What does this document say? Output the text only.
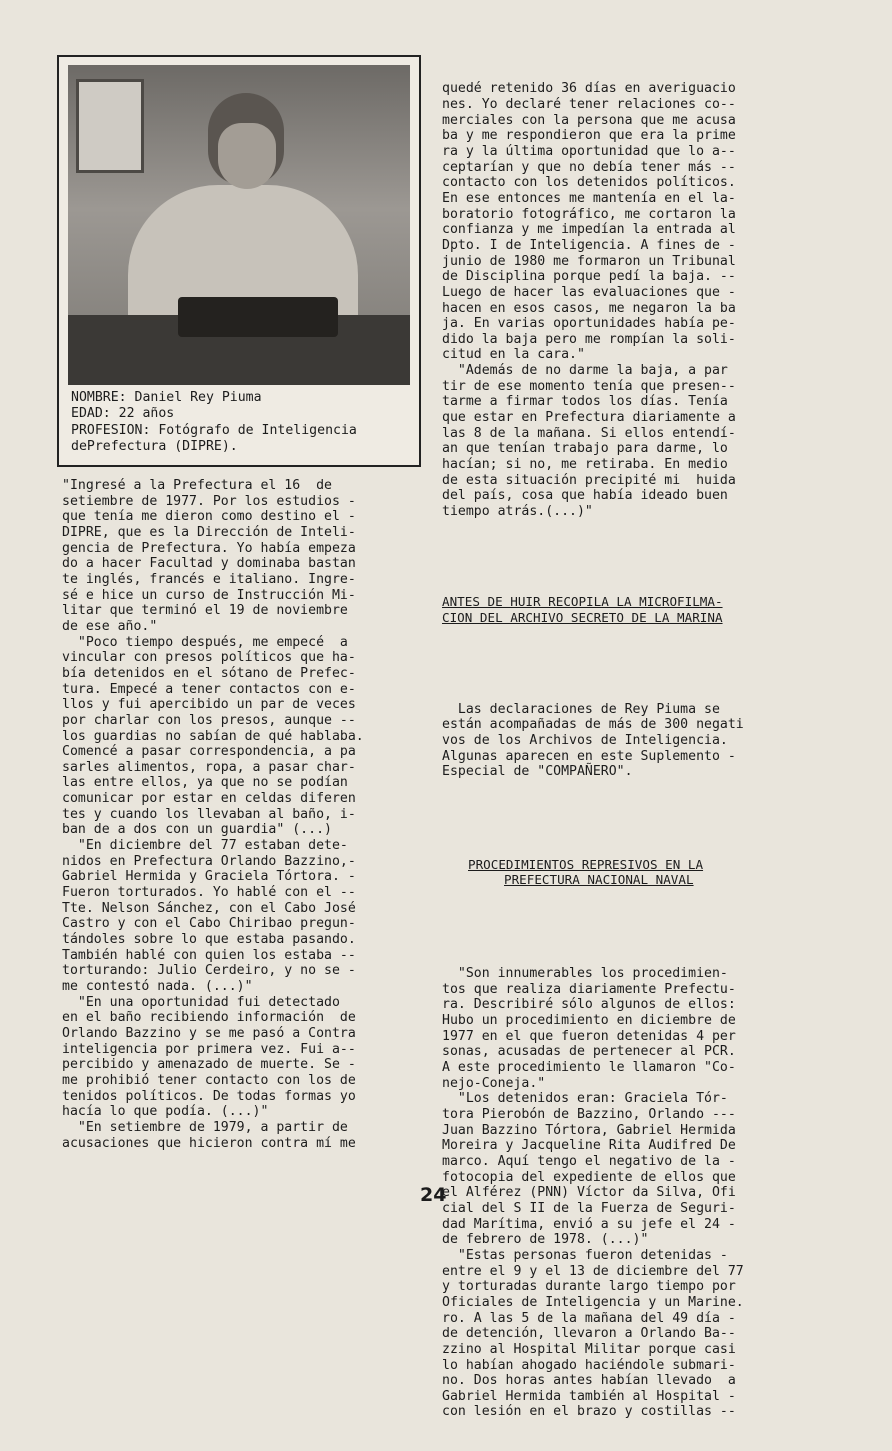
NOMBRE: Daniel Rey Piuma
EDAD: 22 años
PROFESION: Fotógrafo de Inteligencia
dePrefectura (DIPRE).
"Ingresé a la Prefectura el 16  de
setiembre de 1977. Por los estudios -
que tenía me dieron como destino el -
DIPRE, que es la Dirección de Inteli-
gencia de Prefectura. Yo había empeza
do a hacer Facultad y dominaba bastan
te inglés, francés e italiano. Ingre-
sé e hice un curso de Instrucción Mi-
litar que terminó el 19 de noviembre
de ese año."
"Poco tiempo después, me empecé  a
vincular con presos políticos que ha-
bía detenidos en el sótano de Prefec-
tura. Empecé a tener contactos con e-
llos y fui apercibido un par de veces
por charlar con los presos, aunque --
los guardias no sabían de qué hablaba.
Comencé a pasar correspondencia, a pa
sarles alimentos, ropa, a pasar char-
las entre ellos, ya que no se podían
comunicar por estar en celdas diferen
tes y cuando los llevaban al baño, i-
ban de a dos con un guardia" (...)
"En diciembre del 77 estaban dete-
nidos en Prefectura Orlando Bazzino,-
Gabriel Hermida y Graciela Tórtora. -
Fueron torturados. Yo hablé con el --
Tte. Nelson Sánchez, con el Cabo José
Castro y con el Cabo Chiribao pregun-
tándoles sobre lo que estaba pasando.
También hablé con quien los estaba --
torturando: Julio Cerdeiro, y no se -
me contestó nada. (...)"
"En una oportunidad fui detectado
en el baño recibiendo información  de
Orlando Bazzino y se me pasó a Contra
inteligencia por primera vez. Fui a--
percibido y amenazado de muerte. Se -
me prohibió tener contacto con los de
tenidos políticos. De todas formas yo
hacía lo que podía. (...)"
"En setiembre de 1979, a partir de
acusaciones que hicieron contra mí me

quedé retenido 36 días en averiguacio
nes. Yo declaré tener relaciones co--
merciales con la persona que me acusa
ba y me respondieron que era la prime
ra y la última oportunidad que lo a--
ceptarían y que no debía tener más --
contacto con los detenidos políticos.
En ese entonces me mantenía en el la-
boratorio fotográfico, me cortaron la
confianza y me impedían la entrada al
Dpto. I de Inteligencia. A fines de -
junio de 1980 me formaron un Tribunal
de Disciplina porque pedí la baja. --
Luego de hacer las evaluaciones que -
hacen en esos casos, me negaron la ba
ja. En varias oportunidades había pe-
dido la baja pero me rompían la soli-
citud en la cara."
"Además de no darme la baja, a par
tir de ese momento tenía que presen--
tarme a firmar todos los días. Tenía
que estar en Prefectura diariamente a
las 8 de la mañana. Si ellos entendí-
an que tenían trabajo para darme, lo
hacían; si no, me retiraba. En medio
de esta situación precipité mi  huida
del país, cosa que había ideado buen
tiempo atrás.(...)"

ANTES DE HUIR RECOPILA LA MICROFILMA-
CION DEL ARCHIVO SECRETO DE LA MARINA

Las declaraciones de Rey Piuma se
están acompañadas de más de 300 negati
vos de los Archivos de Inteligencia.
Algunas aparecen en este Suplemento -
Especial de "COMPAÑERO".

PROCEDIMIENTOS REPRESIVOS EN LA
PREFECTURA NACIONAL NAVAL

"Son innumerables los procedimien-
tos que realiza diariamente Prefectu-
ra. Describiré sólo algunos de ellos:
Hubo un procedimiento en diciembre de
1977 en el que fueron detenidas 4 per
sonas, acusadas de pertenecer al PCR.
A este procedimiento le llamaron "Co-
nejo-Coneja."
"Los detenidos eran: Graciela Tór-
tora Pierobón de Bazzino, Orlando ---
Juan Bazzino Tórtora, Gabriel Hermida
Moreira y Jacqueline Rita Audifred De
marco. Aquí tengo el negativo de la -
fotocopia del expediente de ellos que
el Alférez (PNN) Víctor da Silva, Ofi
cial del S II de la Fuerza de Seguri-
dad Marítima, envió a su jefe el 24 -
de febrero de 1978. (...)"
"Estas personas fueron detenidas -
entre el 9 y el 13 de diciembre del 77
y torturadas durante largo tiempo por
Oficiales de Inteligencia y un Marine.
ro. A las 5 de la mañana del 49 día -
de detención, llevaron a Orlando Ba--
zzino al Hospital Militar porque casi
lo habían ahogado haciéndole submari-
no. Dos horas antes habían llevado  a
Gabriel Hermida también al Hospital -
con lesión en el brazo y costillas --

24
